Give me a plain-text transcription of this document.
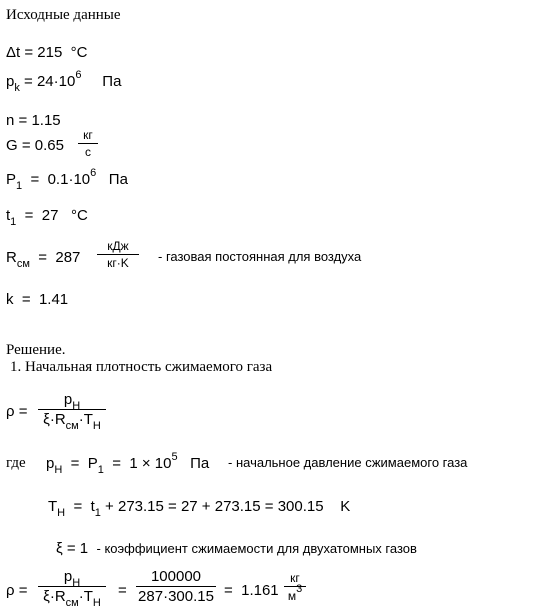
Исходные данные
Δt = 215 °С
$p_k = 24\cdot 10^6$ Па
n = 1.15
G = 0.65
кг
с
$P_1 = 0.1\cdot 10^6$ Па
$t_1 = 27$ °С
$R_{см} = 287$
кДж
кг·K	- газовая постоянная для воздуха
k = 1.41
Решение.
1. Начальная плотность сжимаемого газа
ρ =
$p_H$
$\xi\cdot R_{см}\cdot T_H$
где $p_H = P_1 = 1 \times 10^5$ Па - начальное давление сжимаемого газа
$T_H = t_1 + 273.15 = 27 + 273.15 = 300.15$ K
ξ = 1 - коэффициент сжимаемости для двухатомных газов
ρ =
$p_H$
$\xi\cdot R_{см}\cdot T_H$
=
100000
287·300.15 = 1.161
кг
$м^3$
